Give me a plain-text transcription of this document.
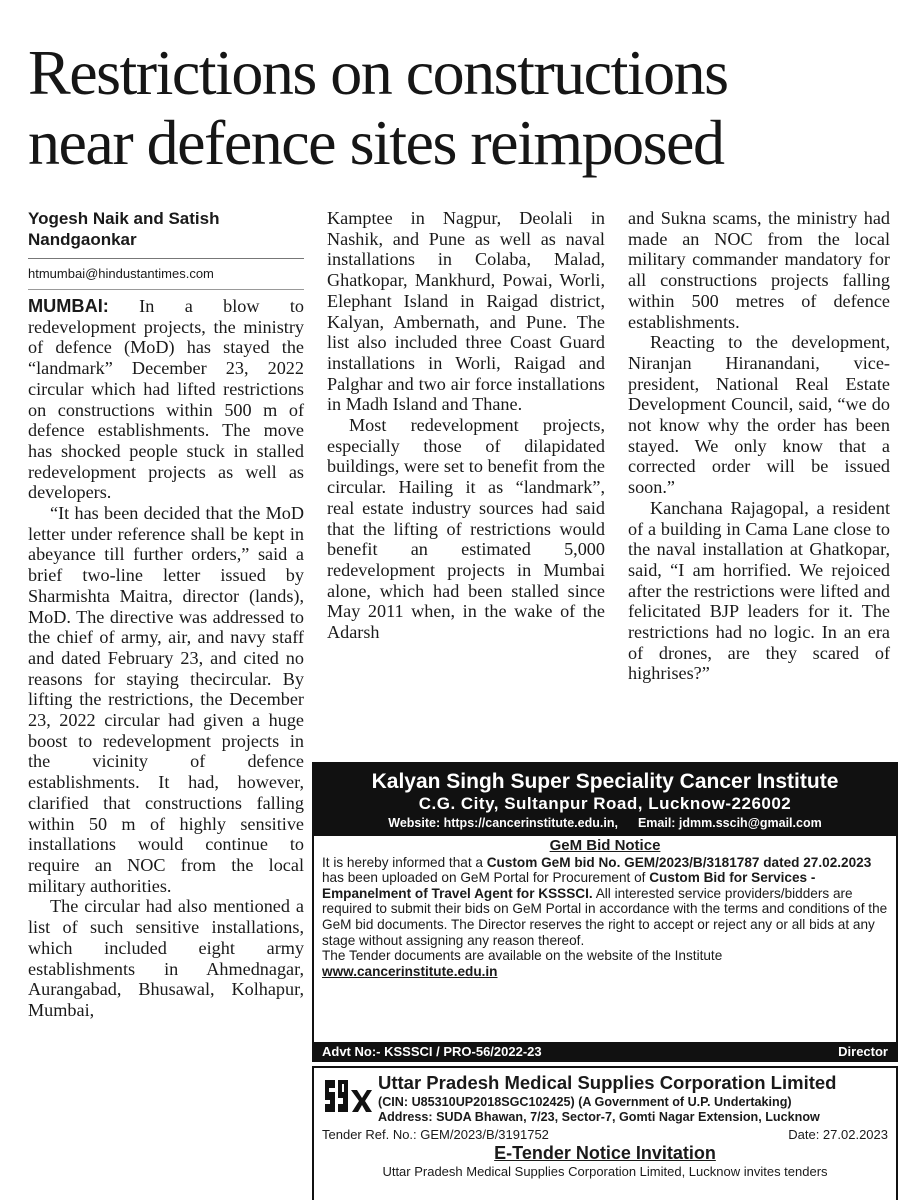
Restrictions on constructions
near defence sites reimposed
Yogesh Naik and Satish
Nandgaonkar
htmumbai@hindustantimes.com

MUMBAI: In a blow to redevelopment projects, the ministry of defence (MoD) has stayed the “landmark” December 23, 2022 circular which had lifted restrictions on constructions within 500 m of defence establishments. The move has shocked people stuck in stalled redevelopment projects as well as developers.

“It has been decided that the MoD letter under reference shall be kept in abeyance till further orders,” said a brief two-line letter issued by Sharmishta Maitra, director (lands), MoD. The directive was addressed to the chief of army, air, and navy staff and dated February 23, and cited no reasons for staying thecircular. By lifting the restrictions, the December 23, 2022 circular had given a huge boost to redevelopment projects in the vicinity of defence establishments. It had, however, clarified that constructions falling within 50 m of highly sensitive installations would continue to require an NOC from the local military authorities.

The circular had also mentioned a list of such sensitive installations, which included eight army establishments in Ahmednagar, Aurangabad, Bhusawal, Kolhapur, Mumbai,

Kamptee in Nagpur, Deolali in Nashik, and Pune as well as naval installations in Colaba, Malad, Ghatkopar, Mankhurd, Powai, Worli, Elephant Island in Raigad district, Kalyan, Ambernath, and Pune. The list also included three Coast Guard installations in Worli, Raigad and Palghar and two air force installations in Madh Island and Thane.

Most redevelopment projects, especially those of dilapidated buildings, were set to benefit from the circular. Hailing it as “landmark”, real estate industry sources had said that the lifting of restrictions would benefit an estimated 5,000 redevelopment projects in Mumbai alone, which had been stalled since May 2011 when, in the wake of the Adarsh

and Sukna scams, the ministry had made an NOC from the local military commander mandatory for all constructions projects falling within 500 metres of defence establishments.

Reacting to the development, Niranjan Hiranandani, vice-president, National Real Estate Development Council, said, “we do not know why the order has been stayed. We only know that a corrected order will be issued soon.”

Kanchana Rajagopal, a resident of a building in Cama Lane close to the naval installation at Ghatkopar, said, “I am horrified. We rejoiced after the restrictions were lifted and felicitated BJP leaders for it. The restrictions had no logic. In an era of drones, are they scared of highrises?”

Kalyan Singh Super Speciality Cancer Institute
C.G. City, Sultanpur Road, Lucknow-226002
Website: https://cancerinstitute.edu.in, Email: jdmm.sscih@gmail.com
GeM Bid Notice
It is hereby informed that a Custom GeM bid No. GEM/2023/B/3181787 dated 27.02.2023 has been uploaded on GeM Portal for Procurement of Custom Bid for Services - Empanelment of Travel Agent for KSSSCI. All interested service providers/bidders are required to submit their bids on GeM Portal in accordance with the terms and conditions of the GeM bid documents. The Director reserves the right to accept or reject any or all bids at any stage without assigning any reason thereof.
The Tender documents are available on the website of the Institute
www.cancerinstitute.edu.in
Advt No:- KSSSCI / PRO-56/2022-23	Director
Uttar Pradesh Medical Supplies Corporation Limited
(CIN: U85310UP2018SGC102425) (A Government of U.P. Undertaking)
Address: SUDA Bhawan, 7/23, Sector-7, Gomti Nagar Extension, Lucknow
Tender Ref. No.: GEM/2023/B/3191752	Date: 27.02.2023
E-Tender Notice Invitation
Uttar Pradesh Medical Supplies Corporation Limited, Lucknow invites tenders
